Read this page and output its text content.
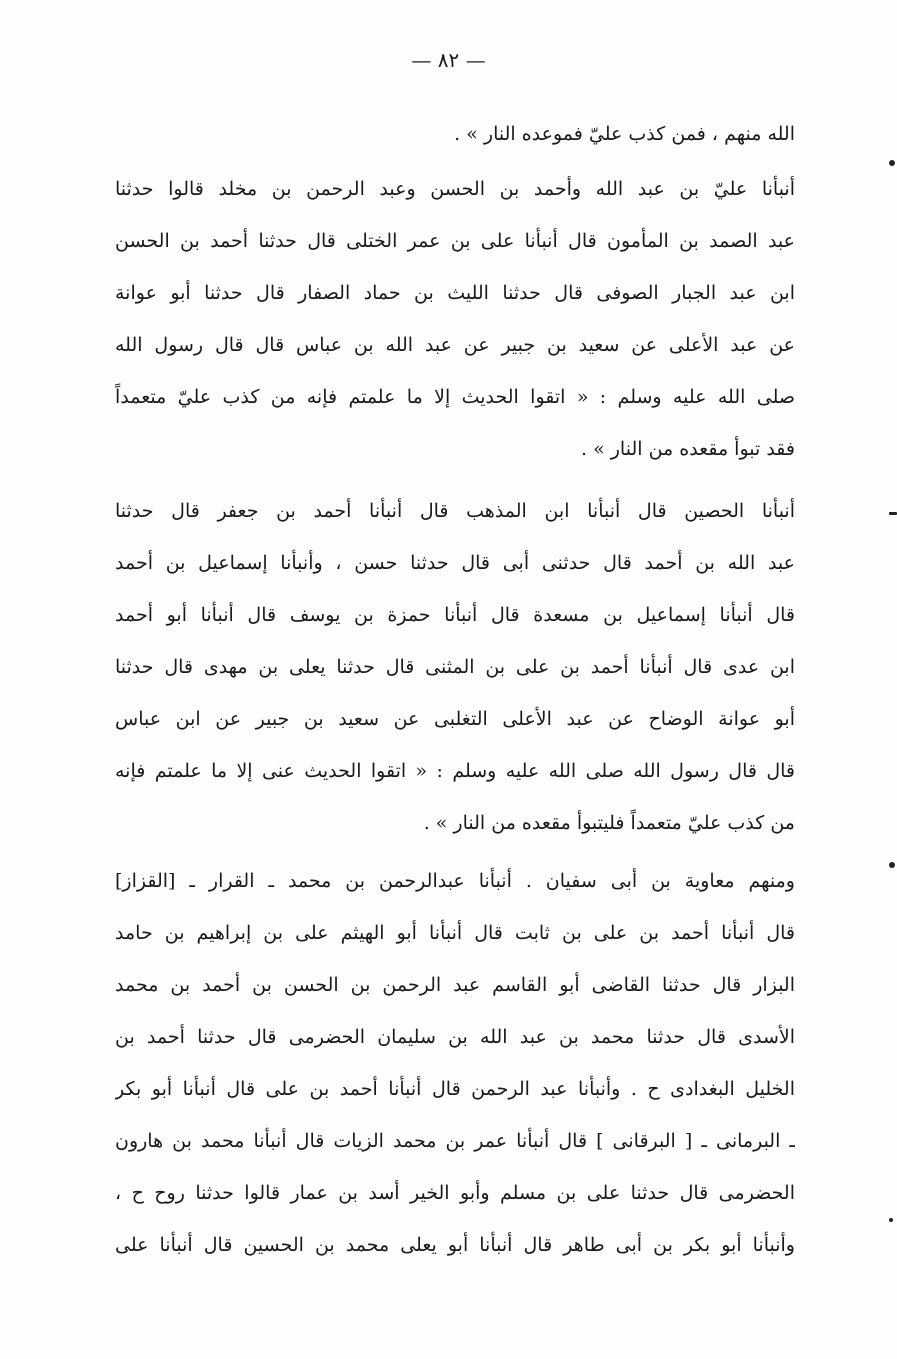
— ٨٢ —
الله منهم ، فمن كذب عليّ فموعده النار » .
أنبأنا عليّ بن عبد الله وأحمد بن الحسن وعبد الرحمن بن مخلد قالوا حدثنا
عبد الصمد بن المأمون قال أنبأنا على بن عمر الختلى قال حدثنا أحمد بن الحسن
ابن عبد الجبار الصوفى قال حدثنا الليث بن حماد الصفار قال حدثنا أبو عوانة
عن عبد الأعلى عن سعيد بن جبير عن عبد الله بن عباس قال قال رسول الله
صلى الله عليه وسلم : « اتقوا الحديث إلا ما علمتم فإنه من كذب عليّ متعمداً
فقد تبوأ مقعده من النار » .
أنبأنا الحصين قال أنبأنا ابن المذهب قال أنبأنا أحمد بن جعفر قال حدثنا
عبد الله بن أحمد قال حدثنى أبى قال حدثنا حسن ، وأنبأنا إسماعيل بن أحمد
قال أنبأنا إسماعيل بن مسعدة قال أنبأنا حمزة بن يوسف قال أنبأنا أبو أحمد
ابن عدى قال أنبأنا أحمد بن على بن المثنى قال حدثنا يعلى بن مهدى قال حدثنا
أبو عوانة الوضاح عن عبد الأعلى التغلبى عن سعيد بن جبير عن ابن عباس
قال قال رسول الله صلى الله عليه وسلم : « اتقوا الحديث عنى إلا ما علمتم فإنه
من كذب عليّ متعمداً فليتبوأ مقعده من النار » .
ومنهم معاوية بن أبى سفيان . أنبأنا عبدالرحمن بن محمد ـ القرار ـ [القزاز]
قال أنبأنا أحمد بن على بن ثابت قال أنبأنا أبو الهيثم على بن إبراهيم بن حامد
البزار قال حدثنا القاضى أبو القاسم عبد الرحمن بن الحسن بن أحمد بن محمد
الأسدى قال حدثنا محمد بن عبد الله بن سليمان الحضرمى قال حدثنا أحمد بن
الخليل البغدادى ح . وأنبأنا عبد الرحمن قال أنبأنا أحمد بن على قال أنبأنا أبو بكر
ـ البرمانى ـ [ البرقانى ] قال أنبأنا عمر بن محمد الزيات قال أنبأنا محمد بن هارون
الحضرمى قال حدثنا على بن مسلم وأبو الخير أسد بن عمار قالوا حدثنا روح ح ،
وأنبأنا أبو بكر بن أبى طاهر قال أنبأنا أبو يعلى محمد بن الحسين قال أنبأنا على
